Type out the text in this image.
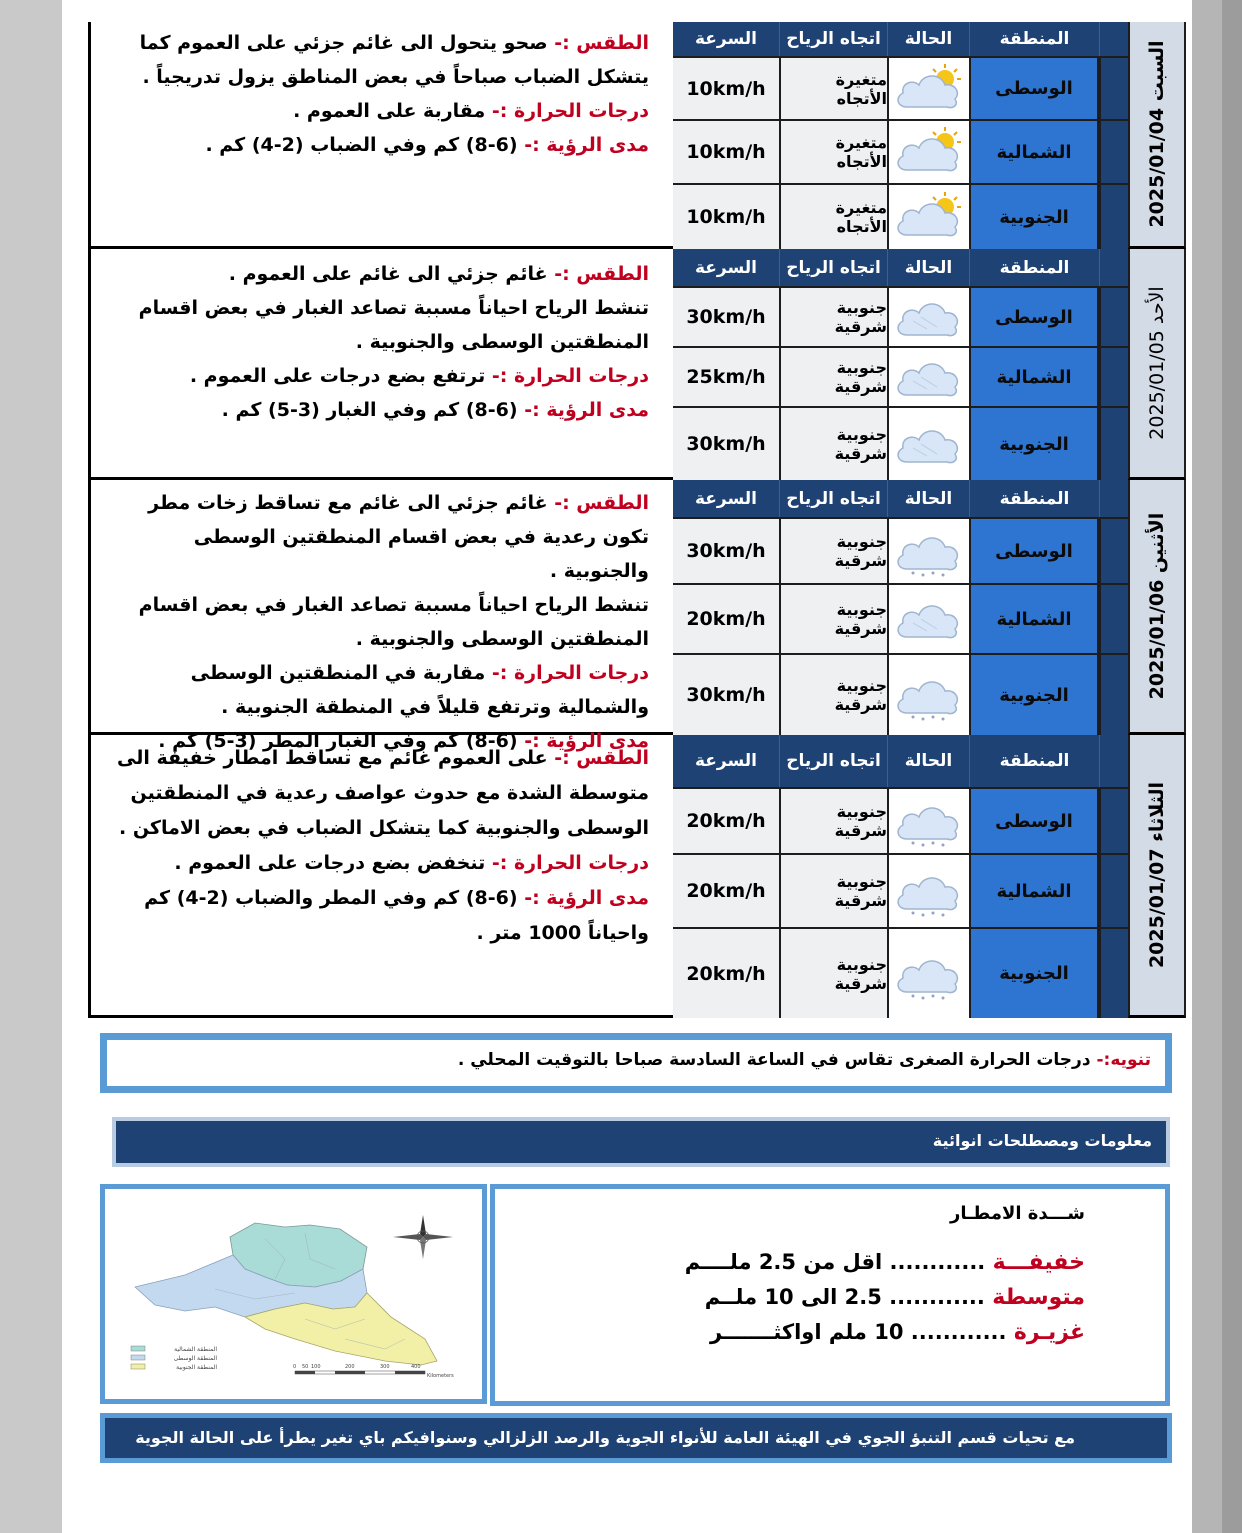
الطقس :- صحو يتحول الى غائم جزئي على العموم كما يتشكل الضباب صباحاً في بعض المناطق يزول تدريجياً .

درجات الحرارة :- مقاربة على العموم .

مدى الرؤية :- (6-8) كم وفي الضباب (2-4) كم .

السرعة	اتجاه الرياح	الحالة	المنطقة
10km/h	متغيرة الأتجاه	الوسطى
10km/h	متغيرة الأتجاه	الشمالية
10km/h	متغيرة الأتجاه	الجنوبية	السبت 2025/01/04

الطقس :- غائم جزئي الى غائم على العموم .

تنشط الرياح احياناً مسببة تصاعد الغبار في بعض اقسام المنطقتين الوسطى والجنوبية .

درجات الحرارة :- ترتفع بضع درجات على العموم .

مدى الرؤية :- (6-8) كم وفي الغبار (3-5) كم .

السرعة	اتجاه الرياح	الحالة	المنطقة
30km/h	جنوبية شرقية	الوسطى
25km/h	جنوبية شرقية	الشمالية
30km/h	جنوبية شرقية	الجنوبية
الأحد 2025/01/05

الطقس :- غائم جزئي الى غائم مع تساقط زخات مطر تكون رعدية في بعض اقسام المنطقتين الوسطى والجنوبية .

تنشط الرياح احياناً مسببة تصاعد الغبار في بعض اقسام المنطقتين الوسطى والجنوبية .

درجات الحرارة :- مقاربة في المنطقتين الوسطى والشمالية وترتفع قليلاً في المنطقة الجنوبية .

مدى الرؤية :- (6-8) كم وفي الغبار المطر (3-5) كم .

السرعة	اتجاه الرياح	الحالة	المنطقة
30km/h	جنوبية شرقية	الوسطى
20km/h	جنوبية شرقية	الشمالية
30km/h	جنوبية شرقية	الجنوبية	الأثنين 2025/01/06

الطقس :- على العموم غائم مع تساقط امطار خفيفة الى متوسطة الشدة مع حدوث عواصف رعدية في المنطقتين الوسطى والجنوبية كما يتشكل الضباب في بعض الاماكن .

درجات الحرارة :- تنخفض بضع درجات على العموم .

مدى الرؤية :- (6-8) كم وفي المطر والضباب (2-4) كم واحياناً 1000 متر .

السرعة	اتجاه الرياح	الحالة	المنطقة
20km/h	جنوبية شرقية	الوسطى
20km/h	جنوبية شرقية	الشمالية
20km/h	جنوبية شرقية	الجنوبية
الثلاثاء 2025/01/07
تنويه:- درجات الحرارة الصغرى تقاس في الساعة السادسة صباحا بالتوقيت المحلي .
معلومات ومصطلحات انوائية
المنطقة الشمالية
المنطقة الوسطى
المنطقة الجنوبية	0 50 100	200	300	400
Kilometers
شـــدة الامطـار
خفيفـــة ............ اقل من 2.5 ملــــم
متوسطة ............ 2.5 الى 10 ملــم
غزيـرة ............ 10 ملم اواكثـــــــر
مع تحيات قسم التنبؤ الجوي في الهيئة العامة للأنواء الجوية والرصد الزلزالي وسنوافيكم باي تغير يطرأ على الحالة الجوية
